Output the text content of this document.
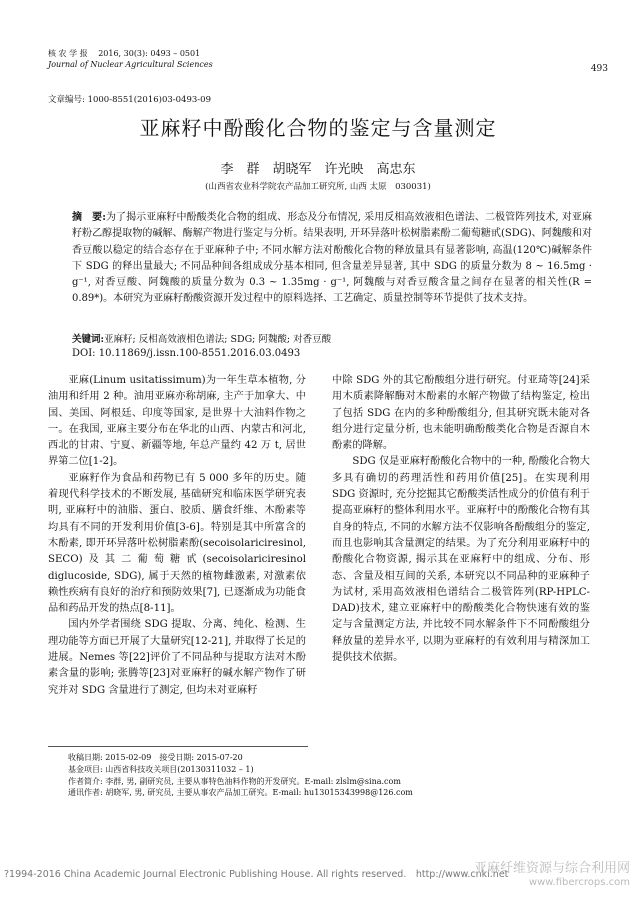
核 农 学 报 2016, 30(3): 0493 – 0501
Journal of Nuclear Agricultural Sciences	493
文章编号: 1000-8551(2016)03-0493-09
亚麻籽中酚酸化合物的鉴定与含量测定
李　群　胡晓军　许光映　高忠东
(山西省农业科学院农产品加工研究所, 山西 太原　030031)
摘　要:为了揭示亚麻籽中酚酸类化合物的组成、形态及分布情况, 采用反相高效液相色谱法、二极管阵列技术, 对亚麻籽粉乙醇提取物的碱解、酶解产物进行鉴定与分析。结果表明, 开环异落叶松树脂素酚二葡萄糖甙(SDG)、阿魏酸和对香豆酸以稳定的结合态存在于亚麻种子中; 不同水解方法对酚酸化合物的释放量具有显著影响, 高温(120℃)碱解条件下 SDG 的释出量最大; 不同品种间各组成成分基本相同, 但含量差异显著, 其中 SDG 的质量分数为 8 ~ 16.5mg · g⁻¹, 对香豆酸、阿魏酸的质量分数为 0.3 ~ 1.35mg · g⁻¹, 阿魏酸与对香豆酸含量之间存在显著的相关性(R = 0.89*)。本研究为亚麻籽酚酸资源开发过程中的原料选择、工艺确定、质量控制等环节提供了技术支持。
关键词:亚麻籽; 反相高效液相色谱法; SDG; 阿魏酸; 对香豆酸
DOI: 10.11869/j.issn.100-8551.2016.03.0493

亚麻(Linum usitatissimum)为一年生草本植物, 分油用和纤用 2 种。油用亚麻亦称胡麻, 主产于加拿大、中国、美国、阿根廷、印度等国家, 是世界十大油料作物之一。在我国, 亚麻主要分布在华北的山西、内蒙古和河北, 西北的甘肃、宁夏、新疆等地, 年总产量约 42 万 t, 居世界第二位[1-2]。

亚麻籽作为食品和药物已有 5 000 多年的历史。随着现代科学技术的不断发展, 基础研究和临床医学研究表明, 亚麻籽中的油脂、蛋白、胶质、膳食纤维、木酚素等均具有不同的开发利用价值[3-6]。特别是其中所富含的木酚素, 即开环异落叶松树脂素酚(secoisolariciresinol, SECO)及其二葡萄糖甙(secoisolariciresinol diglucoside, SDG), 属于天然的植物雌激素, 对激素依赖性疾病有良好的治疗和预防效果[7], 已逐渐成为功能食品和药品开发的热点[8-11]。

国内外学者围绕 SDG 提取、分离、纯化、检测、生理功能等方面已开展了大量研究[12-21], 并取得了长足的进展。Nemes 等[22]评价了不同品种与提取方法对木酚素含量的影响; 张腾等[23]对亚麻籽的碱水解产物作了研究并对 SDG 含量进行了测定, 但均未对亚麻籽

中除 SDG 外的其它酚酸组分进行研究。付亚琦等[24]采用木质素降解酶对木酚素的水解产物做了结构鉴定, 检出了包括 SDG 在内的多种酚酸组分, 但其研究既未能对各组分进行定量分析, 也未能明确酚酸类化合物是否源自木酚素的降解。

SDG 仅是亚麻籽酚酸化合物中的一种, 酚酸化合物大多具有确切的药理活性和药用价值[25]。在实现利用 SDG 资源时, 充分挖掘其它酚酸类活性成分的价值有利于提高亚麻籽的整体利用水平。亚麻籽中的酚酸化合物有其自身的特点, 不同的水解方法不仅影响各酚酸组分的鉴定, 而且也影响其含量测定的结果。为了充分利用亚麻籽中的酚酸化合物资源, 揭示其在亚麻籽中的组成、分布、形态、含量及相互间的关系, 本研究以不同品种的亚麻种子为试材, 采用高效液相色谱结合二极管阵列(RP-HPLC-DAD)技术, 建立亚麻籽中的酚酸类化合物快速有效的鉴定与含量测定方法, 并比较不同水解条件下不同酚酸组分释放量的差异水平, 以期为亚麻籽的有效利用与精深加工提供技术依据。

收稿日期: 2015-02-09　接受日期: 2015-07-20
基金项目: 山西省科技攻关项目(20130311032 – 1)
作者简介: 李群, 男, 副研究员, 主要从事特色油料作物的开发研究。E-mail: zlslm@sina.com
通讯作者: 胡晓军, 男, 研究员, 主要从事农产品加工研究。E-mail: hu13015343998@126.com
?1994-2016 China Academic Journal Electronic Publishing House. All rights reserved.　http://www.cnki.net
亚麻纤维资源与综合利用网
www.fibercrops.com
